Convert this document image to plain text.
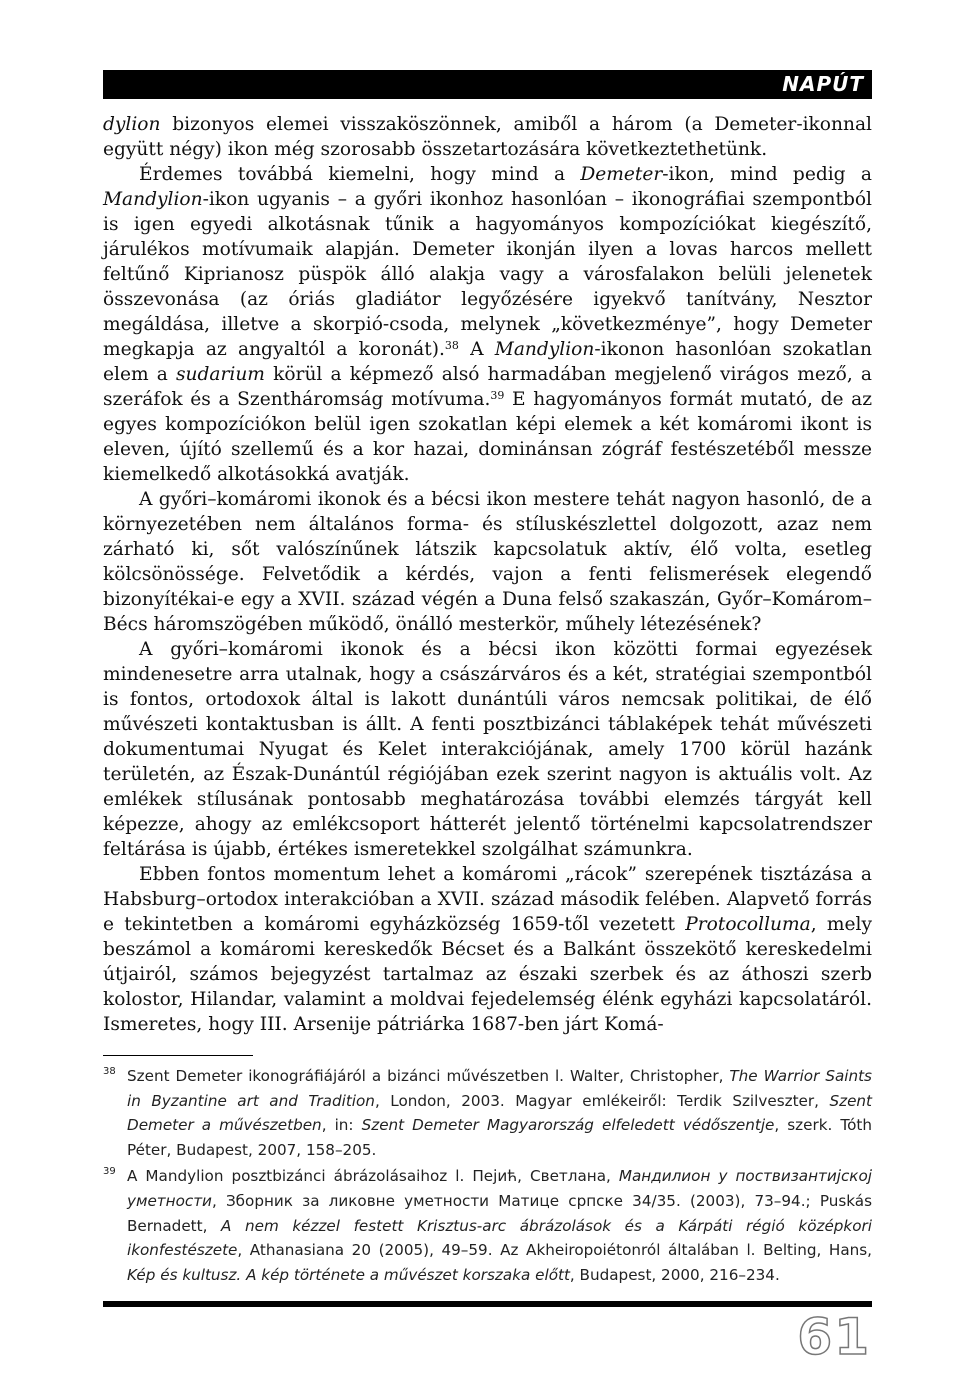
NAPÚT

dylion bizonyos elemei visszaköszönnek, amiből a három (a Demeter-ikonnal együtt négy) ikon még szorosabb összetartozására következtethetünk.

Érdemes továbbá kiemelni, hogy mind a Demeter-ikon, mind pedig a Mandylion-ikon ugyanis – a győri ikonhoz hasonlóan – ikonográfiai szempontból is igen egyedi alkotásnak tűnik a hagyományos kompozíciókat kiegészítő, járulékos motívumaik alapján. Demeter ikonján ilyen a lovas harcos mellett feltűnő Kiprianosz püspök álló alakja vagy a városfalakon belüli jelenetek összevonása (az óriás gladiátor legyőzésére igyekvő tanítvány, Nesztor megáldása, illetve a skorpió-csoda, melynek „következménye”, hogy Demeter megkapja az angyaltól a koronát).$^{38}$ A Mandylion-ikonon hasonlóan szokatlan elem a sudarium körül a képmező alsó harmadában megjelenő virágos mező, a szeráfok és a Szentháromság motívuma.$^{39}$ E hagyományos formát mutató, de az egyes kompozíciókon belül igen szokatlan képi elemek a két komáromi ikont is eleven, újító szellemű és a kor hazai, dominánsan zógráf festészetéből messze kiemelkedő alkotásokká avatják.

A győri–komáromi ikonok és a bécsi ikon mestere tehát nagyon hasonló, de a környezetében nem általános forma- és stíluskészlettel dolgozott, azaz nem zárható ki, sőt valószínűnek látszik kapcsolatuk aktív, élő volta, esetleg kölcsönössége. Felvetődik a kérdés, vajon a fenti felismerések elegendő bizonyítékai-e egy a XVII. század végén a Duna felső szakaszán, Győr–Komárom–Bécs háromszögében működő, önálló mesterkör, műhely létezésének?

A győri–komáromi ikonok és a bécsi ikon közötti formai egyezések mindenesetre arra utalnak, hogy a császárváros és a két, stratégiai szempontból is fontos, ortodoxok által is lakott dunántúli város nemcsak politikai, de élő művészeti kontaktusban is állt. A fenti posztbizánci táblaképek tehát művészeti dokumentumai Nyugat és Kelet interakciójának, amely 1700 körül hazánk területén, az Észak-Dunántúl régiójában ezek szerint nagyon is aktuális volt. Az emlékek stílusának pontosabb meghatározása további elemzés tárgyát kell képezze, ahogy az emlékcsoport hátterét jelentő történelmi kapcsolatrendszer feltárása is újabb, értékes ismeretekkel szolgálhat számunkra.

Ebben fontos momentum lehet a komáromi „rácok” szerepének tisztázása a Habsburg–ortodox interakcióban a XVII. század második felében. Alapvető forrás e tekintetben a komáromi egyházközség 1659-től vezetett Protocolluma, mely beszámol a komáromi kereskedők Bécset és a Balkánt összekötő kereskedelmi útjairól, számos bejegyzést tartalmaz az északi szerbek és az áthoszi szerb kolostor, Hilandar, valamint a moldvai fejedelemség élénk egyházi kapcsolatáról. Ismeretes, hogy III. Arsenije pátriárka 1687-ben járt Komá-

38 Szent Demeter ikonográfiájáról a bizánci művészetben l. Walter, Christopher, The Warrior Saints in Byzantine art and Tradition, London, 2003. Magyar emlékeiről: Terdik Szilveszter, Szent Demeter a művészetben, in: Szent Demeter Magyarország elfeledett védőszentje, szerk. Tóth Péter, Budapest, 2007, 158–205.
39 A Mandylion posztbizánci ábrázolásaihoz l. Пејић, Светлана, Мандилион у поствизантијској уметности, Зборник за ликовне уметности Матице српске 34/35. (2003), 73–94.; Puskás Bernadett, A nem kézzel festett Krisztus-arc ábrázolások és a Kárpáti régió középkori ikonfestészete, Athanasiana 20 (2005), 49–59. Az Akheiropoiétonról általában l. Belting, Hans, Kép és kultusz. A kép története a művészet korszaka előtt, Budapest, 2000, 216–234.
61
